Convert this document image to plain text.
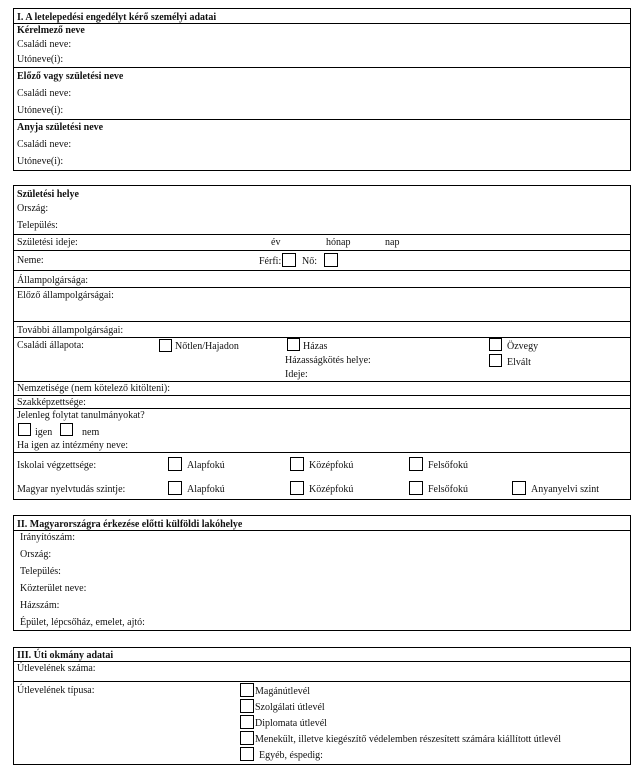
I. A letelepedési engedélyt kérő személyi adatai
Kérelmező neve
Családi neve:
Utóneve(i):
Előző vagy születési neve
Családi neve:
Utóneve(i):
Anyja születési neve
Családi neve:
Utóneve(i):
Születési helye
Ország:
Település:
Születési ideje:	év	hónap	nap
Neme:	Férfi: Nő:
Állampolgársága:
Előző állampolgárságai:
További állampolgárságai:
Családi állapota:	Nőtlen/Hajadon	Házas
Házasságkötés helye:
Ideje:
Özvegy
Elvált
Nemzetisége (nem kötelező kitölteni):
Szakképzettsége:
Jelenleg folytat tanulmányokat?
igen	nem
Ha igen az intézmény neve:
Iskolai végzettsége:	Alapfokú	Középfokú	Felsőfokú
Magyar nyelvtudás szintje:	Alapfokú	Középfokú	Felsőfokú	Anyanyelvi szint
II. Magyarországra érkezése előtti külföldi lakóhelye
Irányítószám:
Ország:
Település:
Közterület neve:
Házszám:
Épület, lépcsőház, emelet, ajtó:
III. Úti okmány adatai
Útlevelének száma:
Útlevelének típusa:	Magánútlevél
Szolgálati útlevél
Diplomata útlevél
Menekült, illetve kiegészítő védelemben részesített számára kiállított útlevél
Egyéb, éspedig:
